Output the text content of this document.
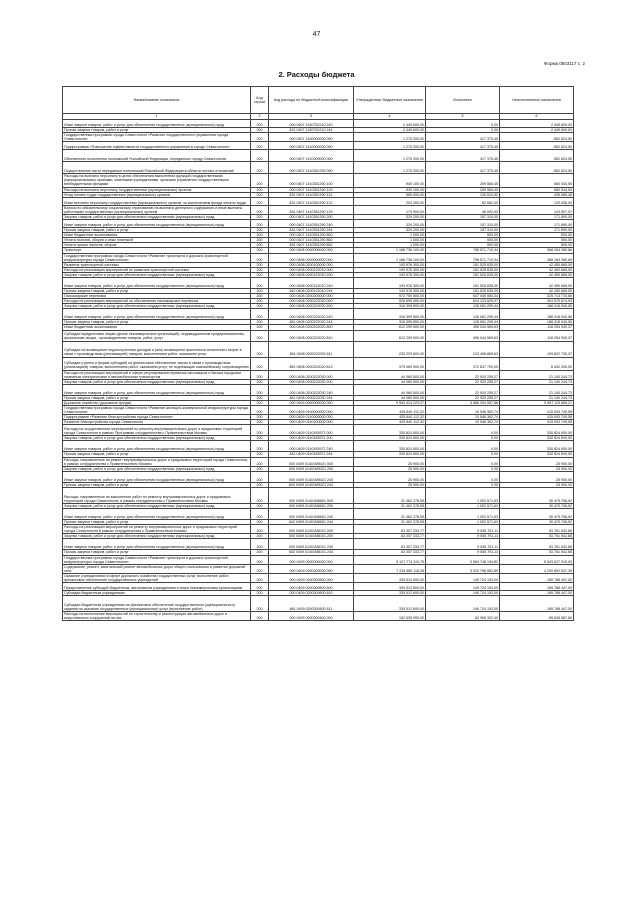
47
Форма 0503117 с. 2
2. Расходы бюджета
Наименование показателя	Код строки	Код расхода по бюджетной классификации	Утвержденные бюджетные назначения	Исполнено	Неисполненные назначения
1	2	3	4	5	6
Иные закупки товаров, работ и услуг для обеспечения государственных (муниципальных) нужд	200	000 0407 1320752210 240	2 449 600,00	0,00	2 449 600,00
Прочая закупка товаров, работ и услуг	200	831 0407 1320752210 244	2 449 600,00	0,00	2 449 600,00
Государственная программа города Севастополя «Развитие государственного управления города Севастополя»	200	000 0407 1400000000 000	1 270 200,00	417 375,45	852 824,55
Подпрограмма «Повышение эффективности государственного управления в городе Севастополе»	200	000 0407 1410000000 000	1 270 200,00	417 375,45	852 824,55
Обеспечение исполнения полномочий Российской Федерации, переданных городу Севастополю	200	000 0407 1410300000 000	1 270 200,00	417 375,45	852 824,55
Осуществление части переданных полномочий Российской Федерации в области лесных отношений	200	000 0407 1410351290 000	1 270 200,00	417 375,45	852 824,55
Расходы на выплаты персоналу в целях обеспечения выполнения функций государственными (муниципальными) органами, казенными учреждениями, органами управления государственными внебюджетными фондами	200	000 0407 1410351290 100	940 100,00	259 565,45	680 534,55
Расходы на выплаты персоналу государственных (муниципальных) органов	200	000 0407 1410351290 120	940 100,00	259 565,45	680 534,55
Фонд оплаты труда государственных (муниципальных) органов	200	831 0407 1410351290 121	565 900,00	130 810,52	435 089,48
Иные выплаты персоналу государственных (муниципальных) органов, за исключением фонда оплаты труда	200	831 0407 1410351290 122	203 300,00	82 662,00	120 638,00
Взносы по обязательному социальному страхованию на выплаты денежного содержания и иные выплаты работникам государственных (муниципальных) органов	200	831 0407 1410351290 129	170 900,00	46 092,93	124 807,07
Закупка товаров, работ и услуг для обеспечения государственных (муниципальных) нужд	200	000 0407 1410351290 200	329 200,00	157 310,00	171 890,00
Иные закупки товаров, работ и услуг для обеспечения государственных (муниципальных) нужд	200	000 0407 1410351290 240	329 200,00	157 310,00	171 890,00
Прочая закупка товаров, работ и услуг	200	831 0407 1410351290 244	329 200,00	157 310,00	171 890,00
Иные бюджетные ассигнования	200	000 0407 1410351290 800	1 000,00	500,00	500,00
Уплата налогов, сборов и иных платежей	200	000 0407 1410351290 850	1 000,00	500,00	500,00
Уплата прочих налогов, сборов	200	831 0407 1410351290 852	1 000,00	500,00	500,00
Транспорт	200	000 0408 0000000000 000	1 166 736 100,00	798 571 719,34	368 164 380,66
Государственная программа города Севастополя «Развитие транспорта и дорожно-транспортной инфраструктуры города Севастополя»	200	000 0408 0200000000 000	1 166 736 100,00	798 571 719,34	368 164 380,66
Развитие транспортной системы	200	000 0408 0200100000 000	193 976 300,00	151 525 635,00	42 450 665,00
Расходы на реализацию мероприятий по развитию транспортной системы	200	000 0408 0200122010 000	193 976 300,00	151 525 635,00	42 450 665,00
Закупка товаров, работ и услуг для обеспечения государственных (муниципальных) нужд	200	000 0408 0200122010 200	193 976 300,00	151 525 635,00	42 450 665,00
Иные закупки товаров, работ и услуг для обеспечения государственных (муниципальных) нужд	200	000 0408 0200122010 240	193 976 300,00	151 525 635,00	42 450 665,00
Прочая закупка товаров, работ и услуг	200	842 0408 0200122010 244	193 976 300,00	151 525 635,00	42 450 665,00
Пассажирские перевозки	200	000 0408 0200200000 000	972 759 800,00	647 046 084,34	325 713 715,66
Расходы на реализацию мероприятий по обеспечению пассажирских перевозок	200	000 0408 0200222020 000	928 699 300,00	624 123 625,07	304 575 674,93
Закупка товаров, работ и услуг для обеспечения государственных (муниципальных) нужд	200	000 0408 0200222020 200	316 399 800,00	128 081 259,44	188 318 540,56
Иные закупки товаров, работ и услуг для обеспечения государственных (муниципальных) нужд	200	000 0408 0200222020 240	316 399 800,00	128 081 259,44	188 318 540,56
Прочая закупка товаров, работ и услуг	200	861 0408 0200222020 244	316 399 800,00	128 081 259,44	188 318 540,56
Иные бюджетные ассигнования	200	000 0408 0200222020 800	612 299 500,00	496 044 569,63	116 254 930,37
Субсидии юридическим лицам (кроме некоммерческих организаций), индивидуальным предпринимателям, физическим лицам - производителям товаров, работ, услуг	200	000 0408 0200222020 810	612 299 500,00	496 044 569,63	116 254 930,37
Субсидии на возмещение недополученных доходов и (или) возмещение фактически понесенных затрат в связи с производством (реализацией) товаров, выполнением работ, оказанием услуг	200	861 0408 0200222020 811	233 229 600,00	123 408 869,63	109 822 730,37
Субсидии (гранты в форме субсидий) на финансовое обеспечение затрат в связи с производством (реализацией) товаров, выполнением работ, оказанием услуг, не подлежащие казначейскому сопровождению	200	861 0408 0200222020 813	379 069 900,00	372 637 700,00	6 432 200,00
Расходы на реализацию мероприятий в сфере регулирования перевозок пассажиров и багажа городским наземным электрическим и автомобильным транспортом	200	000 0408 0200222030 000	44 060 500,00	22 920 255,27	21 140 244,73
Закупка товаров, работ и услуг для обеспечения государственных (муниципальных) нужд	200	000 0408 0200222030 200	44 060 500,00	22 920 255,27	21 140 244,73
Иные закупки товаров, работ и услуг для обеспечения государственных (муниципальных) нужд	200	000 0408 0200222030 240	44 060 500,00	22 920 255,27	21 140 244,73
Прочая закупка товаров, работ и услуг	200	861 0408 0200222030 244	44 060 500,00	22 920 255,27	21 140 244,73
Дорожное хозяйство (дорожные фонды)	200	000 0409 0000000000 000	9 553 414 223,07	3 586 294 557,86	5 967 119 665,21
Государственная программа города Севастополя «Развитие жилищно-коммунальной инфраструктуры города Севастополя»	200	000 0409 0100000000 000	425 640 112,32	10 546 362,74	415 093 749,58
Подпрограмма «Развитие благоустройства города Севастополя»	200	000 0409 0140000000 000	425 640 112,32	10 546 362,74	415 093 749,58
Развитие благоустройства города Севастополя	200	000 0409 0140100000 000	425 640 112,32	10 546 362,74	415 093 749,58
Расходы на осуществление мероприятий по ремонту внутриквартальных дорог и придомовых территорий города Севастополя в рамках Программы сотрудничества с Правительством Москвы	200	000 0409 0140183971 000	330 824 600,00	0,00	330 824 600,00
Закупка товаров, работ и услуг для обеспечения государственных (муниципальных) нужд	200	000 0409 0140183971 200	330 824 600,00	0,00	330 824 600,00
Иные закупки товаров, работ и услуг для обеспечения государственных (муниципальных) нужд	200	000 0409 0140183971 240	330 824 600,00	0,00	330 824 600,00
Прочая закупка товаров, работ и услуг	200	842 0409 0140183971 244	330 824 600,00	0,00	330 824 600,00
Расходы, направленные на ремонт внутриквартальных дорог и придомовых территорий города Севастополя, в рамках сотрудничества с Правительством Москвы	200	000 0409 01401M5421 000	25 900,00	0,00	25 900,00
Закупка товаров, работ и услуг для обеспечения государственных (муниципальных) нужд	200	000 0409 01401M5421 200	25 900,00	0,00	25 900,00
Иные закупки товаров, работ и услуг для обеспечения государственных (муниципальных) нужд	200	000 0409 01401M5421 240	25 900,00	0,00	25 900,00
Прочая закупка товаров, работ и услуг	200	842 0409 01401M5421 244	25 900,00	0,00	25 900,00
Расходы, направленные на выполнение работ по ремонту внутриквартальных дорог и придомовых территорий города Севастополя, в рамках сотрудничества с Правительством Москвы	200	000 0409 01401M6601 000	31 462 278,55	1 002 571,63	30 479 706,92
Закупка товаров, работ и услуг для обеспечения государственных (муниципальных) нужд	200	000 0409 01401M6601 200	31 462 278,55	1 002 571,63	30 479 706,92
Иные закупки товаров, работ и услуг для обеспечения государственных (муниципальных) нужд	200	000 0409 01401M6601 240	31 462 278,55	1 002 571,63	30 479 706,92
Прочая закупка товаров, работ и услуг	200	842 0409 01401M6601 244	31 462 278,55	1 002 571,63	30 479 706,92
Расходы на реализацию мероприятий по ремонту внутриквартальных дорог и придомовых территорий города Севастополя в рамках сотрудничества с Правительством Москвы	200	000 0409 01401M8101 000	63 307 333,77	9 545 791,11	53 761 542,66
Закупка товаров, работ и услуг для обеспечения государственных (муниципальных) нужд	200	000 0409 01401M8101 200	63 307 333,77	9 545 791,11	53 761 542,66
Иные закупки товаров, работ и услуг для обеспечения государственных (муниципальных) нужд	200	000 0409 01401M8101 240	63 307 333,77	9 545 791,11	53 761 542,66
Прочая закупка товаров, работ и услуг	200	842 0409 01401M8101 244	63 307 333,77	9 545 791,11	53 761 542,66
Государственная программа города Севастополя «Развитие транспорта и дорожно-транспортной инфраструктуры города Севастополя»	200	000 0409 0200000000 000	9 127 774 110,75	3 584 748 194,82	5 543 027 915,93
Содержание, ремонт, капитальный ремонт автомобильных дорог общего пользования и развитие дорожной сети	200	000 0409 0200300000 000	7 234 489 118,28	3 032 796 581,89	4 200 692 537,39
Оказание учреждениями в сфере дорожного хозяйства государственных услуг, выполнение работ, финансовое обеспечение государственных учреждений	200	000 0409 0200300600 000	339 512 600,00	149 724 153,00	189 788 447,00
Предоставление субсидий бюджетным, автономным учреждениям и иным некоммерческим организациям	200	000 0409 0200300600 600	339 512 600,00	149 724 153,00	189 788 447,00
Субсидии бюджетным учреждениям	200	000 0409 0200300600 610	339 512 600,00	149 724 153,00	189 788 447,00
Субсидии бюджетным учреждениям на финансовое обеспечение государственного (муниципального) задания на оказание государственных (муниципальных) услуг (выполнение работ)	200	861 0409 0200300600 611	339 512 600,00	149 724 153,00	189 788 447,00
Расходы на выполнение мероприятий по строительству и реконструкции автомобильных дорог и искусственных сооружений на них	200	000 0409 0200300400 000	152 535 990,00	62 908 302,40	89 628 587,60
